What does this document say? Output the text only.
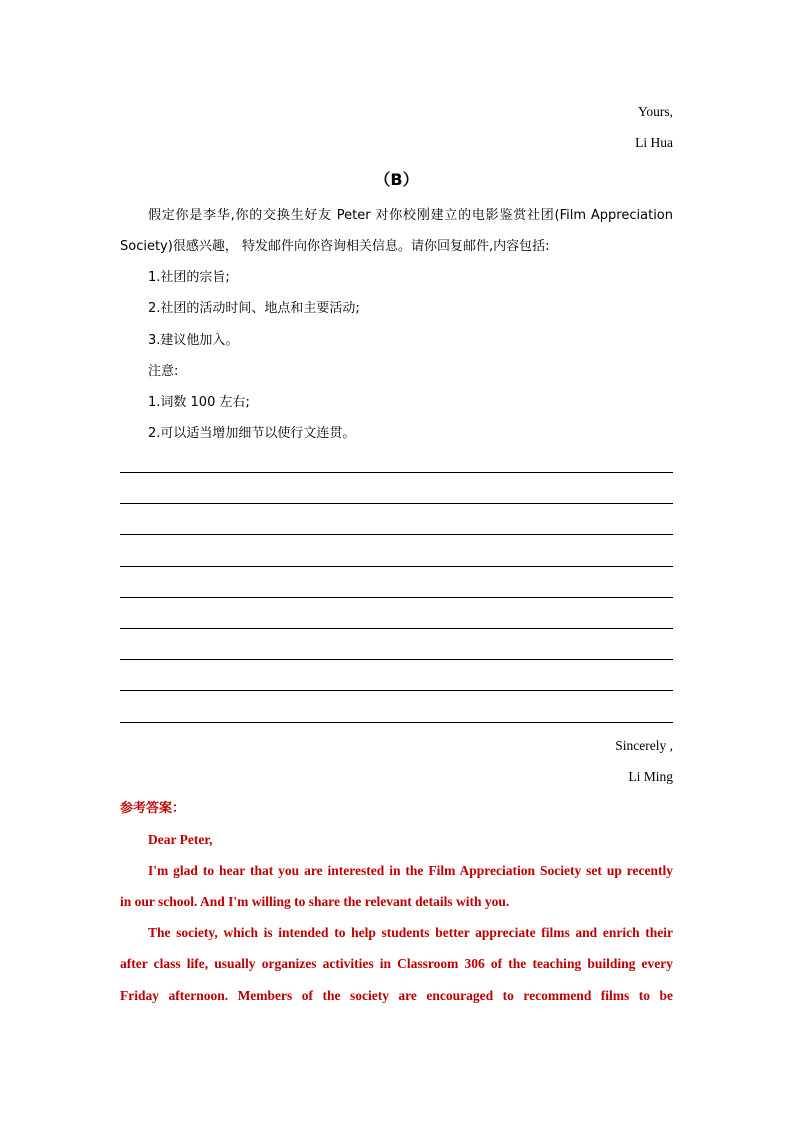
Yours,
Li Hua
（B）
假定你是李华,你的交换生好友 Peter 对你校刚建立的电影鉴赏社团(Film Appreciation
Society)很感兴趣， 特发邮件向你咨询相关信息。请你回复邮件,内容包括:
1.社团的宗旨;
2.社团的活动时间、地点和主要活动;
3.建议他加入。
注意:
1.词数 100 左右;
2.可以适当增加细节以使行文连贯。
Sincerely ,
Li Ming
参考答案：
Dear Peter,
I'm glad to hear that you are interested in the Film Appreciation Society set up recently
in our school. And I'm willing to share the relevant details with you.
The society, which is intended to help students better appreciate films and enrich their
after class life, usually organizes activities in Classroom 306 of the teaching building every
Friday afternoon. Members of the society are encouraged to recommend films to be
